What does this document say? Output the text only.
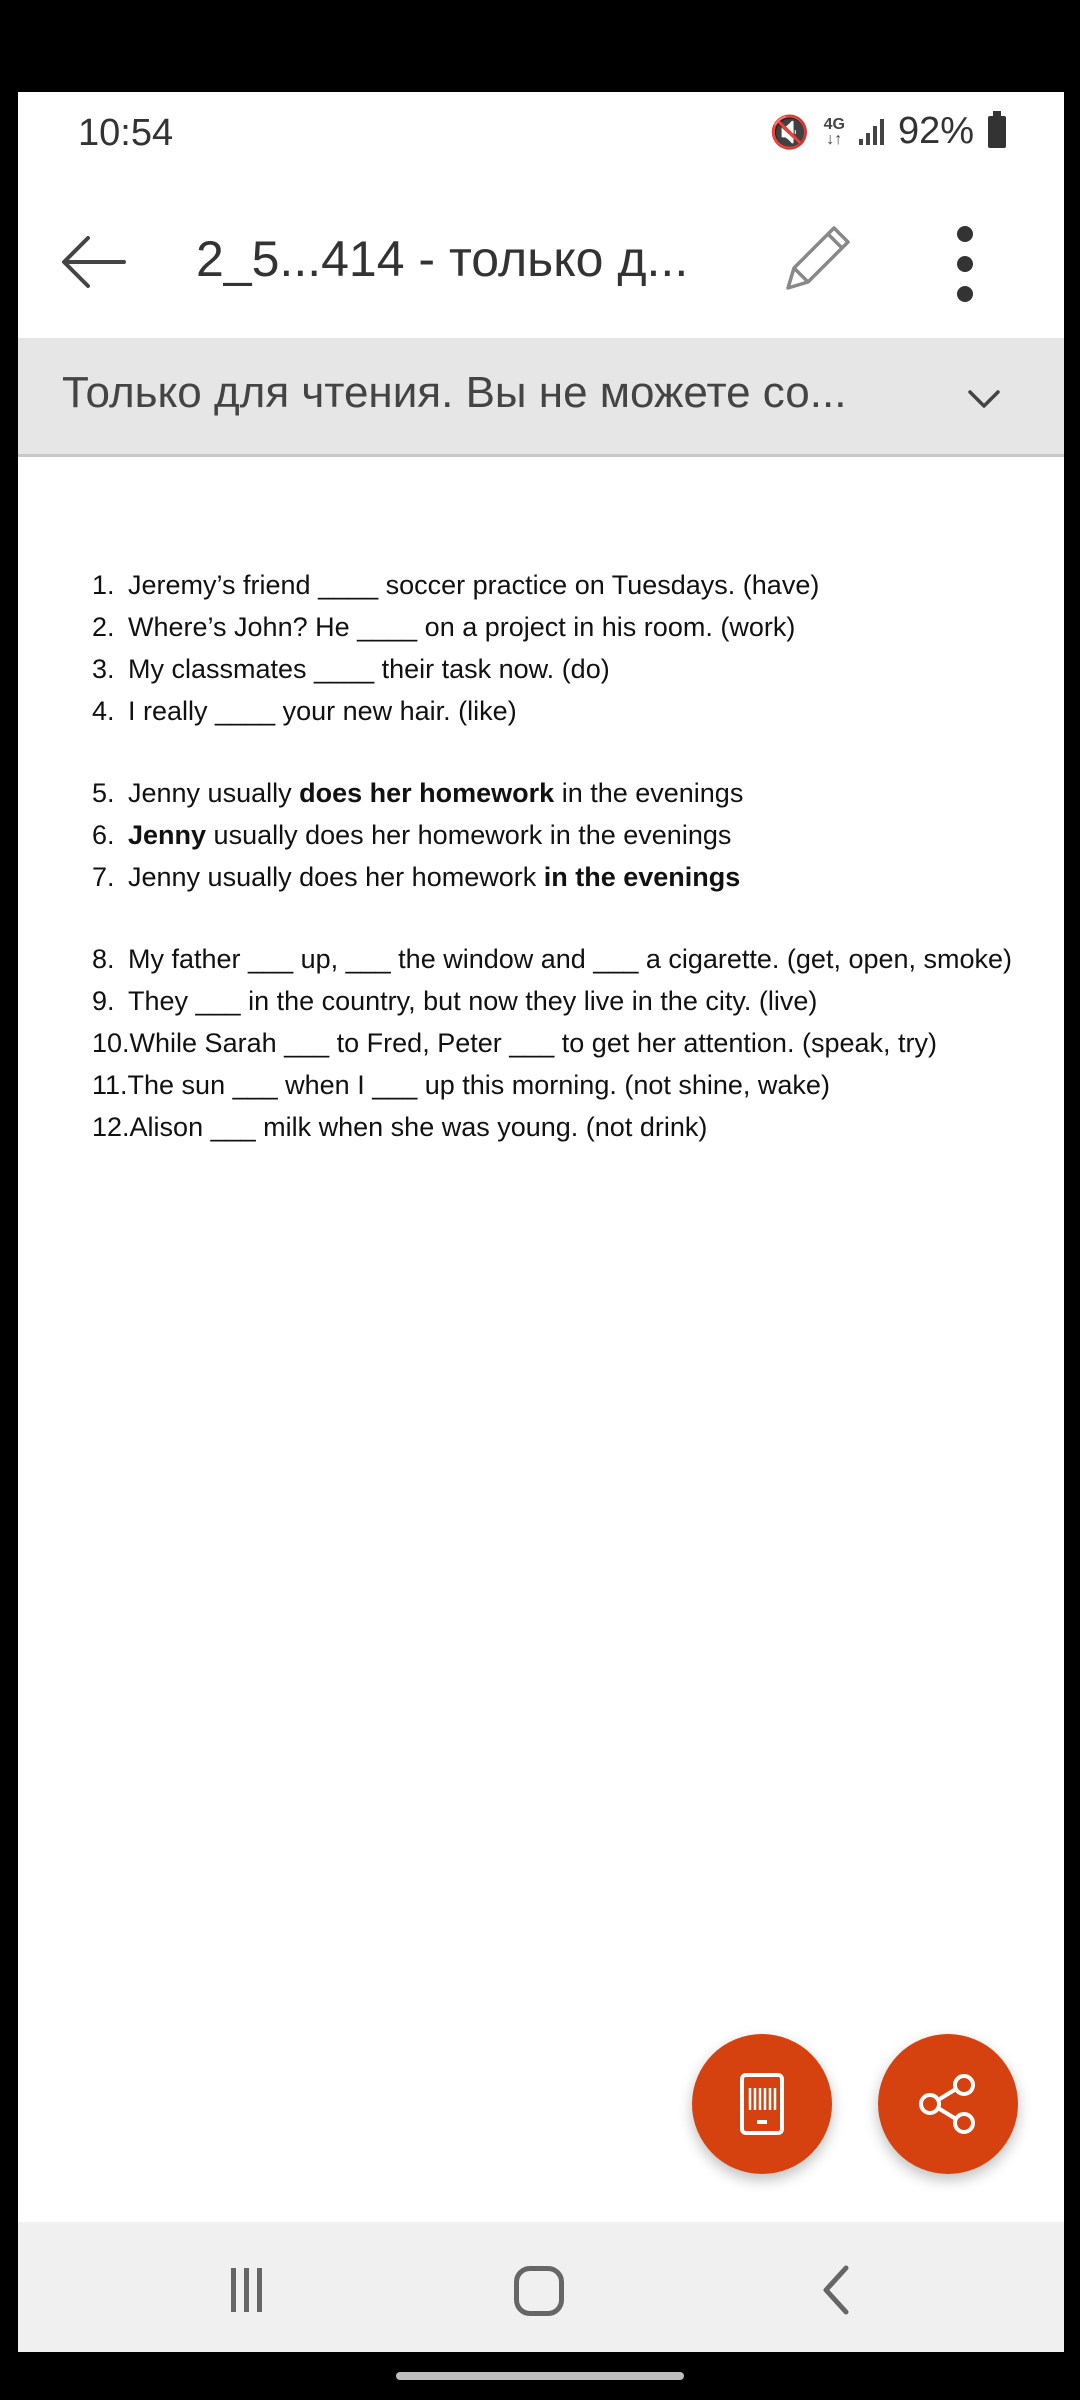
10:54	🔇 4G
↓↑ 92%
2_5...414 - только д...
Только для чтения. Вы не можете со...
1. Jeremy’s friend ____ soccer practice on Tuesdays. (have)
2. Where’s John? He ____ on a project in his room. (work)
3. My classmates ____ their task now. (do)
4. I really ____ your new hair. (like)
5. Jenny usually does her homework in the evenings
6. Jenny usually does her homework in the evenings
7. Jenny usually does her homework in the evenings
8. My father ___ up, ___ the window and ___ a cigarette. (get, open, smoke)
9. They ___ in the country, but now they live in the city. (live)
10. While Sarah ___ to Fred, Peter ___ to get her attention. (speak, try)
11. The sun ___ when I ___ up this morning. (not shine, wake)
12. Alison ___ milk when she was young. (not drink)
